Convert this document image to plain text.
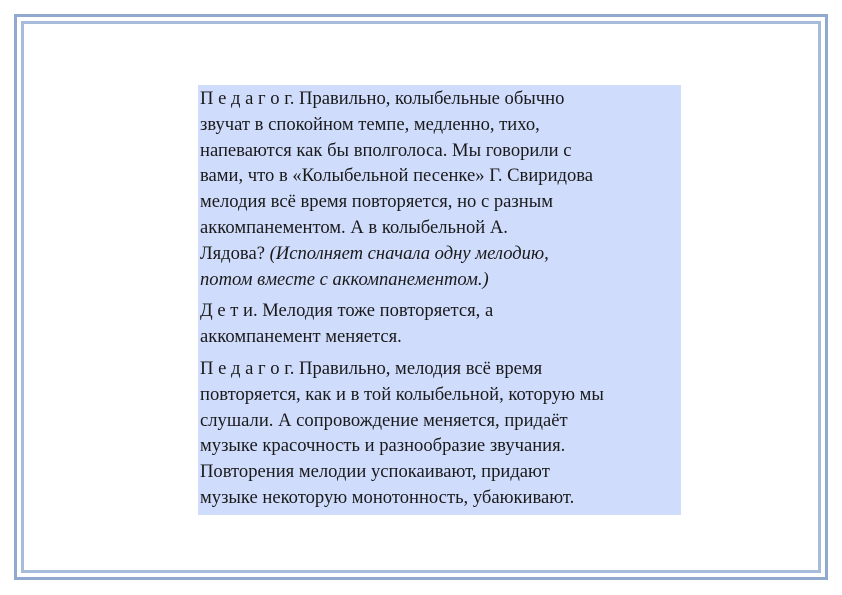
П е д а г о г. Правильно, колыбельные обычно
звучат в спокойном темпе, медленно, тихо,
напеваются как бы вполголоса. Мы говорили с
вами, что в «Колыбельной песенке» Г. Свиридова
мелодия всё время повторяется, но с разным
аккомпанементом. А в колыбельной А.
Лядова? (Исполняет сначала одну мелодию,
потом вместе с аккомпанементом.)

Д е т и. Мелодия тоже повторяется, а
аккомпанемент меняется.

П е д а г о г. Правильно, мелодия всё время
повторяется, как и в той колыбельной, которую мы
слушали. А сопровождение меняется, придаёт
музыке красочность и разнообразие звучания.
Повторения мелодии успокаивают, придают
музыке некоторую монотонность, убаюкивают.
